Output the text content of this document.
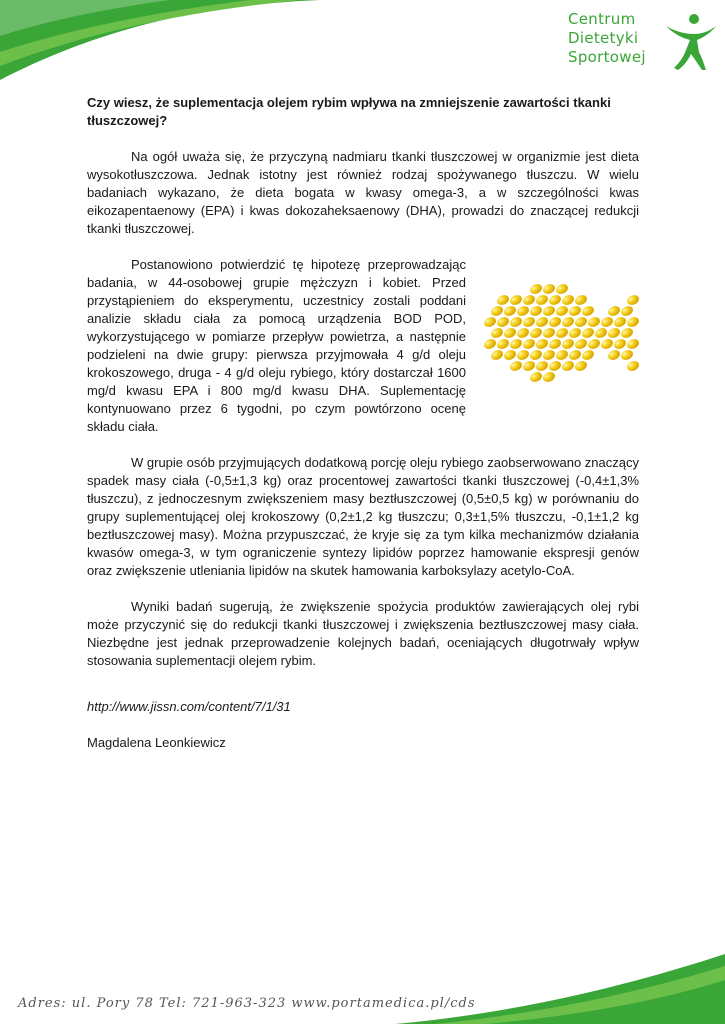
Centrum
Dietetyki
Sportowej

Czy wiesz, że suplementacja olejem rybim wpływa na zmniejszenie zawartości tkanki tłuszczowej?

Na ogół uważa się, że przyczyną nadmiaru tkanki tłuszczowej w organizmie jest dieta wysokotłuszczowa. Jednak istotny jest również rodzaj spożywanego tłuszczu. W wielu badaniach wykazano, że dieta bogata w kwasy omega-3, a w szczególności kwas eikozapentaenowy (EPA) i kwas dokozaheksaenowy (DHA), prowadzi do znaczącej redukcji tkanki tłuszczowej.

Postanowiono potwierdzić tę hipotezę przeprowadzając badania, w 44-osobowej grupie mężczyzn i kobiet. Przed przystąpieniem do eksperymentu, uczestnicy zostali poddani analizie składu ciała za pomocą urządzenia BOD POD, wykorzystującego w pomiarze przepływ powietrza, a następnie podzieleni na dwie grupy: pierwsza przyjmowała 4 g/d oleju krokoszowego, druga - 4 g/d oleju rybiego, który dostarczał 1600 mg/d kwasu EPA i 800 mg/d kwasu DHA. Suplementację kontynuowano przez 6 tygodni, po czym powtórzono ocenę składu ciała.

W grupie osób przyjmujących dodatkową porcję oleju rybiego zaobserwowano znaczący spadek masy ciała (-0,5±1,3 kg) oraz procentowej zawartości tkanki tłuszczowej (-0,4±1,3% tłuszczu), z jednoczesnym zwiększeniem masy beztłuszczowej (0,5±0,5 kg) w porównaniu do grupy suplementującej olej krokoszowy (0,2±1,2 kg tłuszczu; 0,3±1,5% tłuszczu, -0,1±1,2 kg beztłuszczowej masy). Można przypuszczać, że kryje się za tym kilka mechanizmów działania kwasów omega-3, w tym ograniczenie syntezy lipidów poprzez hamowanie ekspresji genów oraz zwiększenie utleniania lipidów na skutek hamowania karboksylazy acetylo-CoA.

Wyniki badań sugerują, że zwiększenie spożycia produktów zawierających olej rybi może przyczynić się do redukcji tkanki tłuszczowej i zwiększenia beztłuszczowej masy ciała. Niezbędne jest jednak przeprowadzenie kolejnych badań, oceniających długotrwały wpływ stosowania suplementacji olejem rybim.

http://www.jissn.com/content/7/1/31

Magdalena Leonkiewicz

Adres: ul. Pory 78 Tel: 721-963-323 www.portamedica.pl/cds
